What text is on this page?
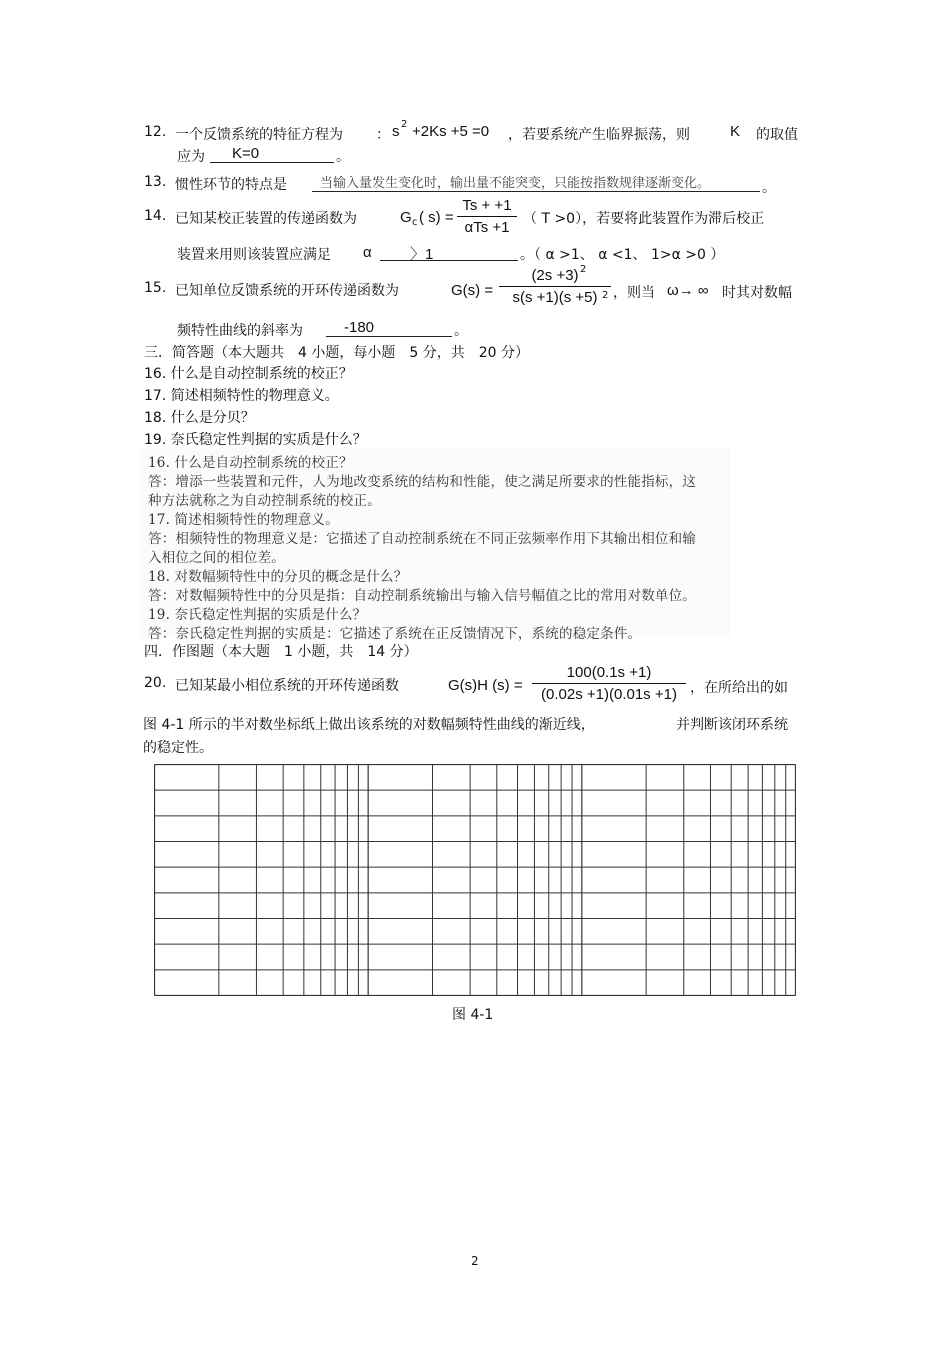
12. 一个反馈系统的特征方程为 ： s 2 +2Ks +5 =0 ，若要系统产生临界振荡，则	K 的取值
应为	K=0	。
13. 惯性环节的特点是	当输入量发生变化时，输出量不能突变，只能按指数规律逐渐变化。	。
14. 已知某校正装置的传递函数为	G c ( s) =
Ts + +1
αTs +1 （ T >0），若要将此装置作为滞后校正
装置来用则该装置应满足 α	〉1	。（ α >1、 α <1、 1>α >0 ）
15. 已知单位反馈系统的开环传递函数为	G(s) =
(2s +3)
s(s +1)(s +5)
2
2 ，则当 ω→ ∞ 时其对数幅
频特性曲线的斜率为	-180	。
三．简答题（本大题共　4 小题，每小题　5 分，共　20 分）
16. 什么是自动控制系统的校正？
17. 简述相频特性的物理意义。
18. 什么是分贝？
19. 奈氏稳定性判据的实质是什么？
16. 什么是自动控制系统的校正？
答：增添一些装置和元件，人为地改变系统的结构和性能，使之满足所要求的性能指标，这
种方法就称之为自动控制系统的校正。
17. 简述相频特性的物理意义。
答：相频特性的物理意义是：它描述了自动控制系统在不同正弦频率作用下其输出相位和输
入相位之间的相位差。
18. 对数幅频特性中的分贝的概念是什么？
答：对数幅频特性中的分贝是指：自动控制系统输出与输入信号幅值之比的常用对数单位。
19. 奈氏稳定性判据的实质是什么？
答：奈氏稳定性判据的实质是：它描述了系统在正反馈情况下，系统的稳定条件。
四．作图题（本大题　1 小题，共　14 分）
20. 已知某最小相位系统的开环传递函数	G(s)H (s) =
100(0.1s +1)
(0.02s +1)(0.01s +1) ，在所给出的如
图 4-1 所示的半对数坐标纸上做出该系统的对数幅频特性曲线的渐近线，	并判断该闭环系统
的稳定性。
图 4-1
2
